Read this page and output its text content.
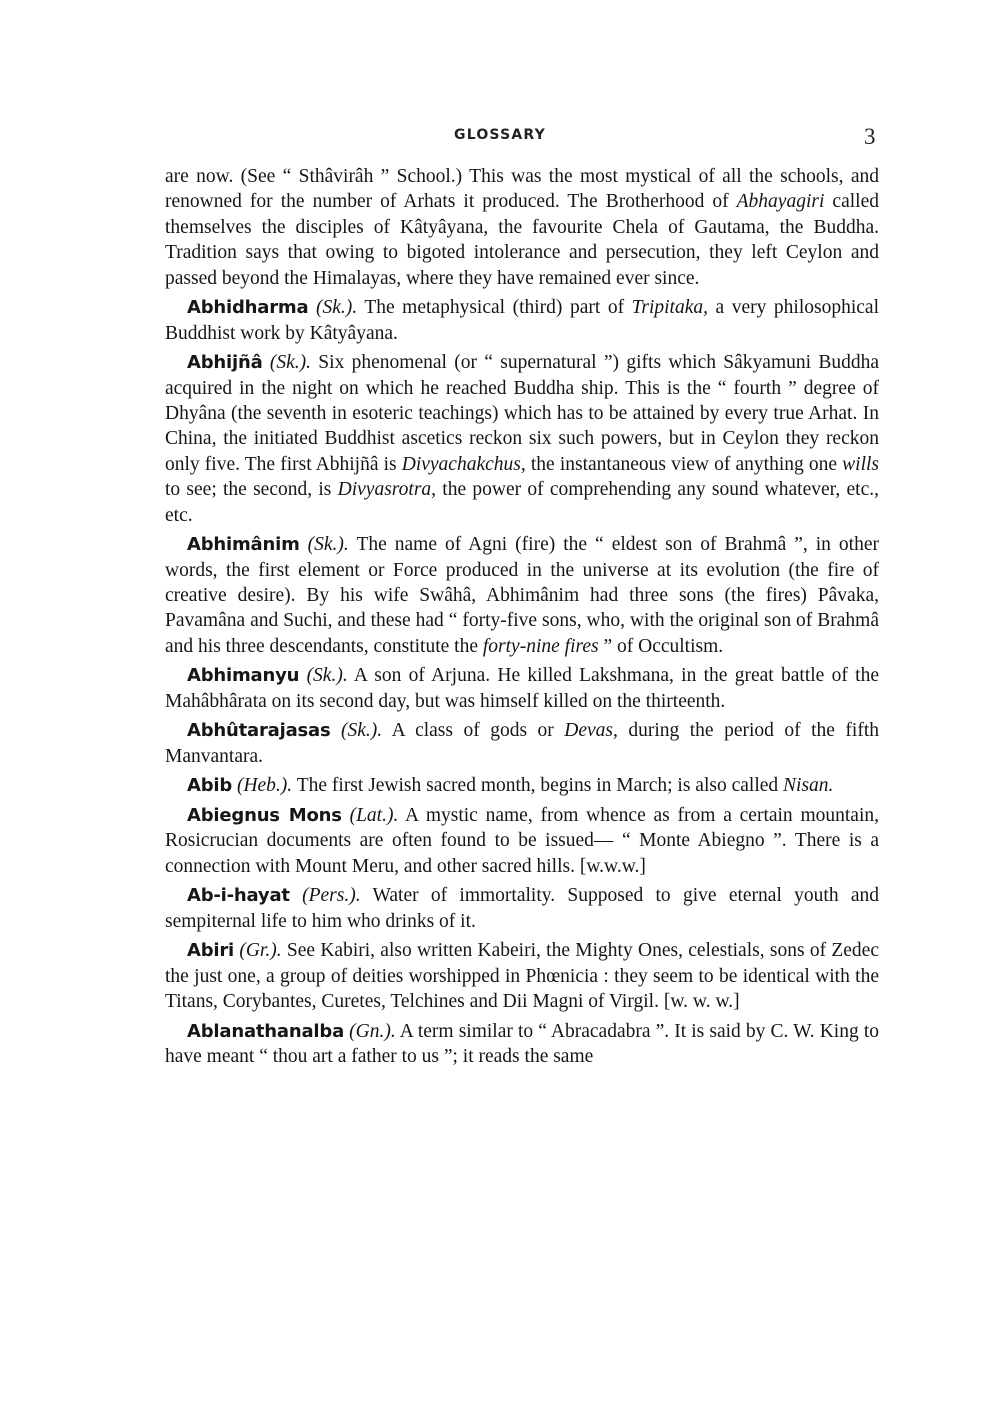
GLOSSARY	3

are now. (See “ Sthâvirâh ” School.) This was the most mystical of all the schools, and renowned for the number of Arhats it produced. The Brotherhood of Abhayagiri called themselves the disciples of Kâtyâyana, the favourite Chela of Gautama, the Buddha. Tradition says that owing to bigoted intolerance and persecution, they left Ceylon and passed beyond the Himalayas, where they have remained ever since.

Abhidharma (Sk.). The metaphysical (third) part of Tripitaka, a very philosophical Buddhist work by Kâtyâyana.

Abhijñâ (Sk.). Six phenomenal (or “ supernatural ”) gifts which Sâkyamuni Buddha acquired in the night on which he reached Buddha ship. This is the “ fourth ” degree of Dhyâna (the seventh in esoteric teachings) which has to be attained by every true Arhat. In China, the initiated Buddhist ascetics reckon six such powers, but in Ceylon they reckon only five. The first Abhijñâ is Divyachakchus, the instantaneous view of anything one wills to see; the second, is Divyasrotra, the power of comprehending any sound whatever, etc., etc.

Abhimânim (Sk.). The name of Agni (fire) the “ eldest son of Brahmâ ”, in other words, the first element or Force produced in the universe at its evolution (the fire of creative desire). By his wife Swâhâ, Abhimânim had three sons (the fires) Pâvaka, Pavamâna and Suchi, and these had “ forty-five sons, who, with the original son of Brahmâ and his three descendants, constitute the forty-nine fires ” of Occultism.

Abhimanyu (Sk.). A son of Arjuna. He killed Lakshmana, in the great battle of the Mahâbhârata on its second day, but was himself killed on the thirteenth.

Abhûtarajasas (Sk.). A class of gods or Devas, during the period of the fifth Manvantara.

Abib (Heb.). The first Jewish sacred month, begins in March; is also called Nisan.

Abiegnus Mons (Lat.). A mystic name, from whence as from a certain mountain, Rosicrucian documents are often found to be issued— “ Monte Abiegno ”. There is a connection with Mount Meru, and other sacred hills. [w.w.w.]

Ab-i-hayat (Pers.). Water of immortality. Supposed to give eternal youth and sempiternal life to him who drinks of it.

Abiri (Gr.). See Kabiri, also written Kabeiri, the Mighty Ones, celestials, sons of Zedec the just one, a group of deities worshipped in Phœnicia : they seem to be identical with the Titans, Corybantes, Curetes, Telchines and Dii Magni of Virgil. [w. w. w.]

Ablanathanalba (Gn.). A term similar to “ Abracadabra ”. It is said by C. W. King to have meant “ thou art a father to us ”; it reads the same
